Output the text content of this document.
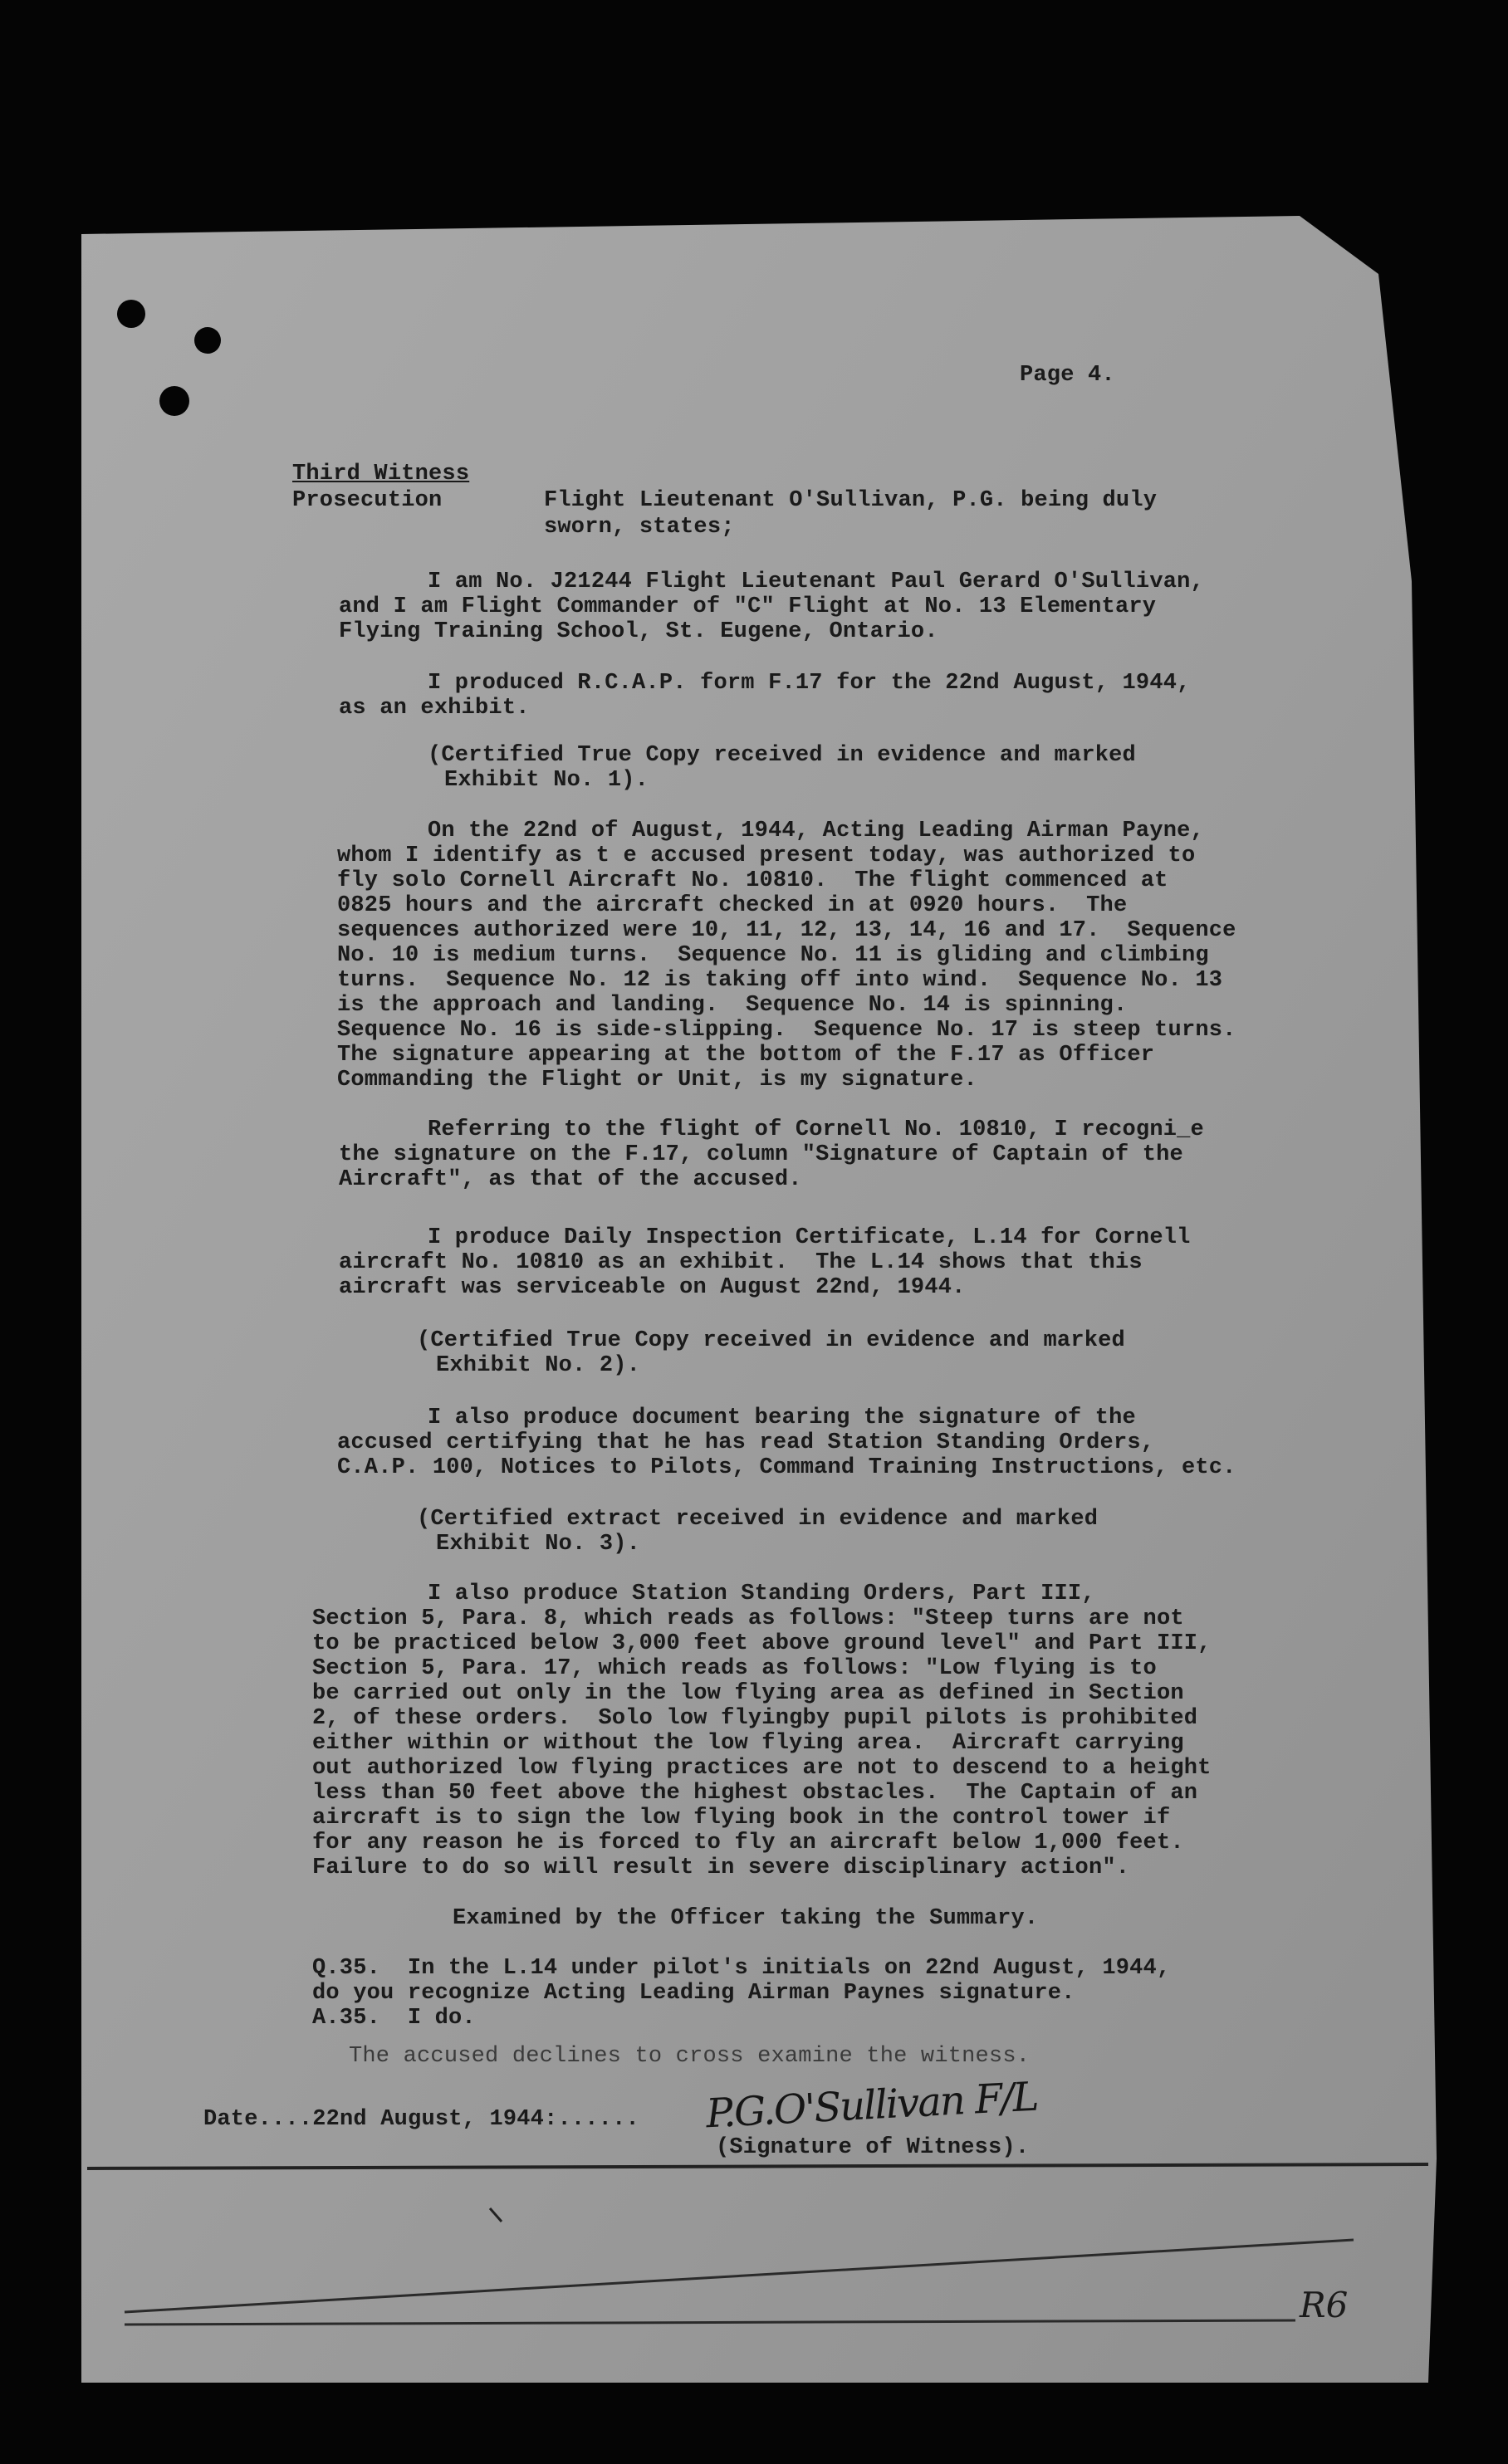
Page 4.
Third Witness
Prosecution	Flight Lieutenant O'Sullivan, P.G. being duly
sworn, states;
I am No. J21244 Flight Lieutenant Paul Gerard O'Sullivan,
and I am Flight Commander of "C" Flight at No. 13 Elementary
Flying Training School, St. Eugene, Ontario.
I produced R.C.A.P. form F.17 for the 22nd August, 1944,
as an exhibit.
(Certified True Copy received in evidence and marked
Exhibit No. 1).
On the 22nd of August, 1944, Acting Leading Airman Payne,
whom I identify as t e accused present today, was authorized to
fly solo Cornell Aircraft No. 10810.  The flight commenced at
0825 hours and the aircraft checked in at 0920 hours.  The
sequences authorized were 10, 11, 12, 13, 14, 16 and 17.  Sequence
No. 10 is medium turns.  Sequence No. 11 is gliding and climbing
turns.  Sequence No. 12 is taking off into wind.  Sequence No. 13
is the approach and landing.  Sequence No. 14 is spinning.
Sequence No. 16 is side-slipping.  Sequence No. 17 is steep turns.
The signature appearing at the bottom of the F.17 as Officer
Commanding the Flight or Unit, is my signature.
Referring to the flight of Cornell No. 10810, I recogni_e
the signature on the F.17, column "Signature of Captain of the
Aircraft", as that of the accused.
I produce Daily Inspection Certificate, L.14 for Cornell
aircraft No. 10810 as an exhibit.  The L.14 shows that this
aircraft was serviceable on August 22nd, 1944.
(Certified True Copy received in evidence and marked
Exhibit No. 2).
I also produce document bearing the signature of the
accused certifying that he has read Station Standing Orders,
C.A.P. 100, Notices to Pilots, Command Training Instructions, etc.
(Certified extract received in evidence and marked
Exhibit No. 3).
I also produce Station Standing Orders, Part III,
Section 5, Para. 8, which reads as follows: "Steep turns are not
to be practiced below 3,000 feet above ground level" and Part III,
Section 5, Para. 17, which reads as follows: "Low flying is to
be carried out only in the low flying area as defined in Section
2, of these orders.  Solo low flyingby pupil pilots is prohibited
either within or without the low flying area.  Aircraft carrying
out authorized low flying practices are not to descend to a height
less than 50 feet above the highest obstacles.  The Captain of an
aircraft is to sign the low flying book in the control tower if
for any reason he is forced to fly an aircraft below 1,000 feet.
Failure to do so will result in severe disciplinary action".
Examined by the Officer taking the Summary.
Q.35.  In the L.14 under pilot's initials on 22nd August, 1944,
do you recognize Acting Leading Airman Paynes signature.
A.35.  I do.
The accused declines to cross examine the witness.
Date....22nd August, 1944:...... P.G.O'Sullivan F/L
(Signature of Witness).
R6
